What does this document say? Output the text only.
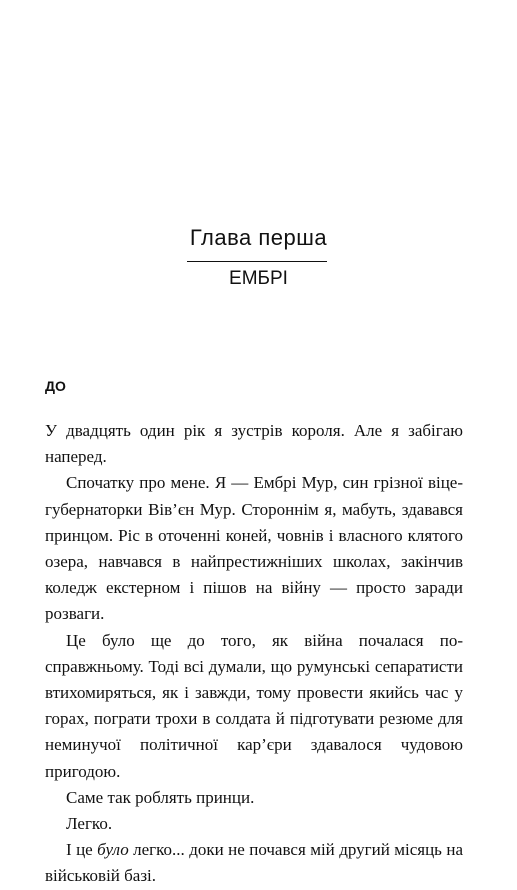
Глава перша
ЕМБРІ
ДО

У двадцять один рік я зустрів короля. Але я забігаю наперед.

Спочатку про мене. Я — Ембрі Мур, син грізної віце-губернаторки Вів’єн Мур. Стороннім я, мабуть, здавався принцом. Ріс в оточенні коней, човнів і власного клятого озера, навчався в найпрестижніших школах, закінчив коледж екстерном і пішов на війну — просто заради розваги.

Це було ще до того, як війна почалася по-справжньому. Тоді всі думали, що румунські сепаратисти втихомиряться, як і завжди, тому провести якийсь час у горах, пограти трохи в солдата й підготувати резюме для неминучої політичної кар’єри здавалося чудовою пригодою.

Саме так роблять принци.

Легко.

І це було легко... доки не почався мій другий місяць на військовій базі.
